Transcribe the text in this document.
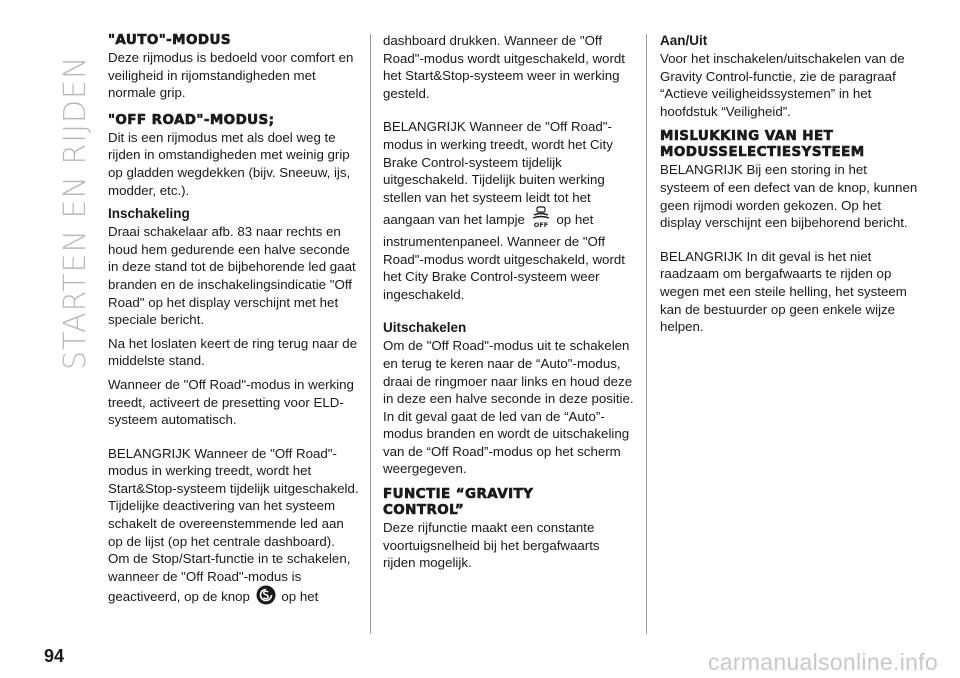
STARTEN EN RIJDEN
"AUTO"-MODUS

Deze rijmodus is bedoeld voor comfort en veiligheid in rijomstandigheden met normale grip.

"OFF ROAD"-MODUS;

Dit is een rijmodus met als doel weg te rijden in omstandigheden met weinig grip op gladden wegdekken (bijv. Sneeuw, ijs, modder, etc.).

Inschakeling

Draai schakelaar afb. 83 naar rechts en houd hem gedurende een halve seconde in deze stand tot de bijbehorende led gaat branden en de inschakelingsindicatie "Off Road" op het display verschijnt met het speciale bericht.

Na het loslaten keert de ring terug naar de middelste stand.

Wanneer de "Off Road"-modus in werking treedt, activeert de presetting voor ELD-systeem automatisch.

BELANGRIJK Wanneer de "Off Road"-modus in werking treedt, wordt het Start&Stop-systeem tijdelijk uitgeschakeld. Tijdelijke deactivering van het systeem schakelt de overeenstemmende led aan op de lijst (op het centrale dashboard). Om de Stop/Start-functie in te schakelen, wanneer de "Off Road"-modus is geactiveerd, op de knop op het

dashboard drukken. Wanneer de "Off Road"-modus wordt uitgeschakeld, wordt het Start&Stop-systeem weer in werking gesteld.

BELANGRIJK Wanneer de "Off Road"-modus in werking treedt, wordt het City Brake Control-systeem tijdelijk uitgeschakeld. Tijdelijk buiten werking stellen van het systeem leidt tot het aangaan van het lampje OFF op het instrumentenpaneel. Wanneer de "Off Road"-modus wordt uitgeschakeld, wordt het City Brake Control-systeem weer ingeschakeld.

Uitschakelen

Om de "Off Road"-modus uit te schakelen en terug te keren naar de “Auto"-modus, draai de ringmoer naar links en houd deze in deze een halve seconde in deze positie. In dit geval gaat de led van de “Auto”-modus branden en wordt de uitschakeling van de “Off Road”-modus op het scherm weergegeven.

FUNCTIE “GRAVITY
CONTROL”

Deze rijfunctie maakt een constante voortuigsnelheid bij het bergafwaarts rijden mogelijk.

Aan/Uit

Voor het inschakelen/uitschakelen van de Gravity Control-functie, zie de paragraaf “Actieve veiligheidssystemen” in het hoofdstuk “Veiligheid”.

MISLUKKING VAN HET
MODUSSELECTIESYSTEEM

BELANGRIJK Bij een storing in het systeem of een defect van de knop, kunnen geen rijmodi worden gekozen. Op het display verschijnt een bijbehorend bericht.

BELANGRIJK In dit geval is het niet raadzaam om bergafwaarts te rijden op wegen met een steile helling, het systeem kan de bestuurder op geen enkele wijze helpen.

94	carmanualsonline.info
